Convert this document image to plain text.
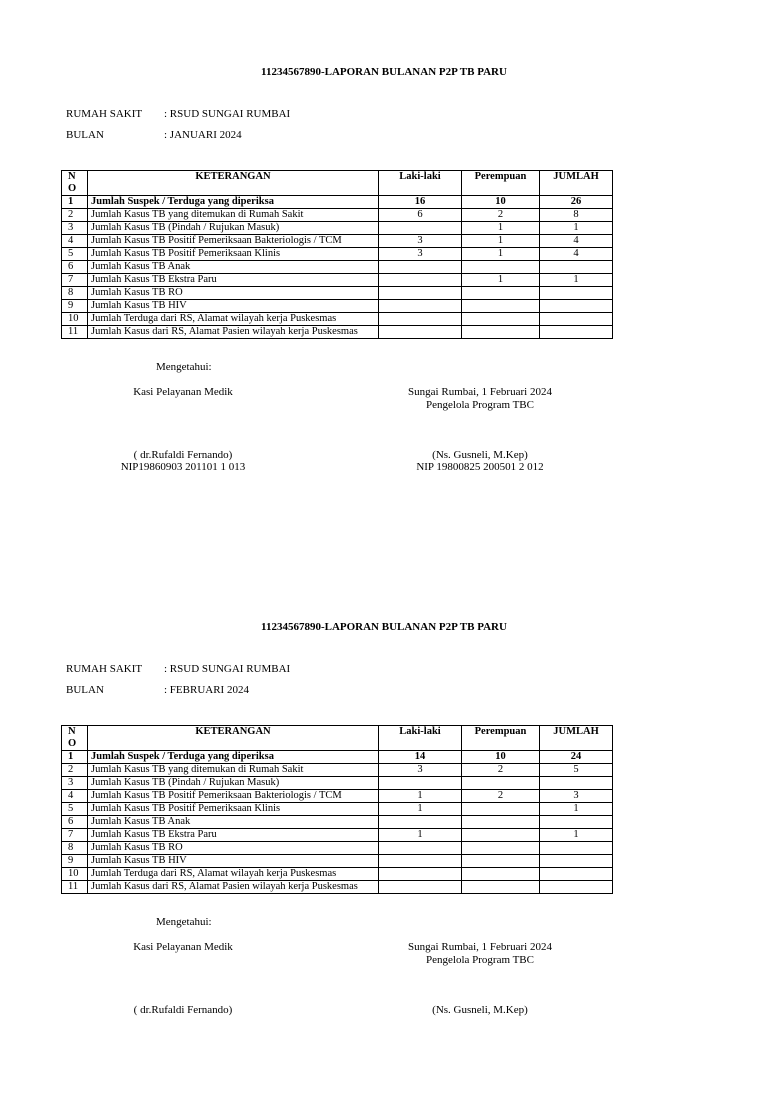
11234567890-LAPORAN BULANAN P2P TB PARU
RUMAH SAKIT : RSUD SUNGAI RUMBAI
BULAN	: JANUARI 2024
N
O	KETERANGAN	Laki-laki	Perempuan	JUMLAH
1	Jumlah Suspek / Terduga yang diperiksa	16	10	26
2	Jumlah Kasus TB yang ditemukan di Rumah Sakit	6	2	8
3	Jumlah Kasus TB (Pindah / Rujukan Masuk)		1	1
4	Jumlah Kasus TB Positif Pemeriksaan Bakteriologis / TCM	3	1	4
5	Jumlah Kasus TB Positif Pemeriksaan Klinis	3	1	4
6	Jumlah Kasus TB Anak			
7	Jumlah Kasus TB Ekstra Paru		1	1
8	Jumlah Kasus TB RO			
9	Jumlah Kasus TB HIV			
10	Jumlah Terduga dari RS, Alamat wilayah kerja Puskesmas			
11	Jumlah Kasus dari RS, Alamat Pasien wilayah kerja Puskesmas			
Mengetahui:
Kasi Pelayanan Medik
( dr.Rufaldi Fernando)
NIP19860903 201101 1 013
Sungai Rumbai, 1 Februari 2024
Pengelola Program TBC
(Ns. Gusneli, M.Kep)
NIP 19800825 200501 2 012
11234567890-LAPORAN BULANAN P2P TB PARU
RUMAH SAKIT : RSUD SUNGAI RUMBAI
BULAN	: FEBRUARI 2024
N
O	KETERANGAN	Laki-laki	Perempuan	JUMLAH
1	Jumlah Suspek / Terduga yang diperiksa	14	10	24
2	Jumlah Kasus TB yang ditemukan di Rumah Sakit	3	2	5
3	Jumlah Kasus TB (Pindah / Rujukan Masuk)			
4	Jumlah Kasus TB Positif Pemeriksaan Bakteriologis / TCM	1	2	3
5	Jumlah Kasus TB Positif Pemeriksaan Klinis	1		1
6	Jumlah Kasus TB Anak			
7	Jumlah Kasus TB Ekstra Paru	1		1
8	Jumlah Kasus TB RO			
9	Jumlah Kasus TB HIV			
10	Jumlah Terduga dari RS, Alamat wilayah kerja Puskesmas			
11	Jumlah Kasus dari RS, Alamat Pasien wilayah kerja Puskesmas			
Mengetahui:
Kasi Pelayanan Medik
( dr.Rufaldi Fernando)
Sungai Rumbai, 1 Februari 2024
Pengelola Program TBC
(Ns. Gusneli, M.Kep)
